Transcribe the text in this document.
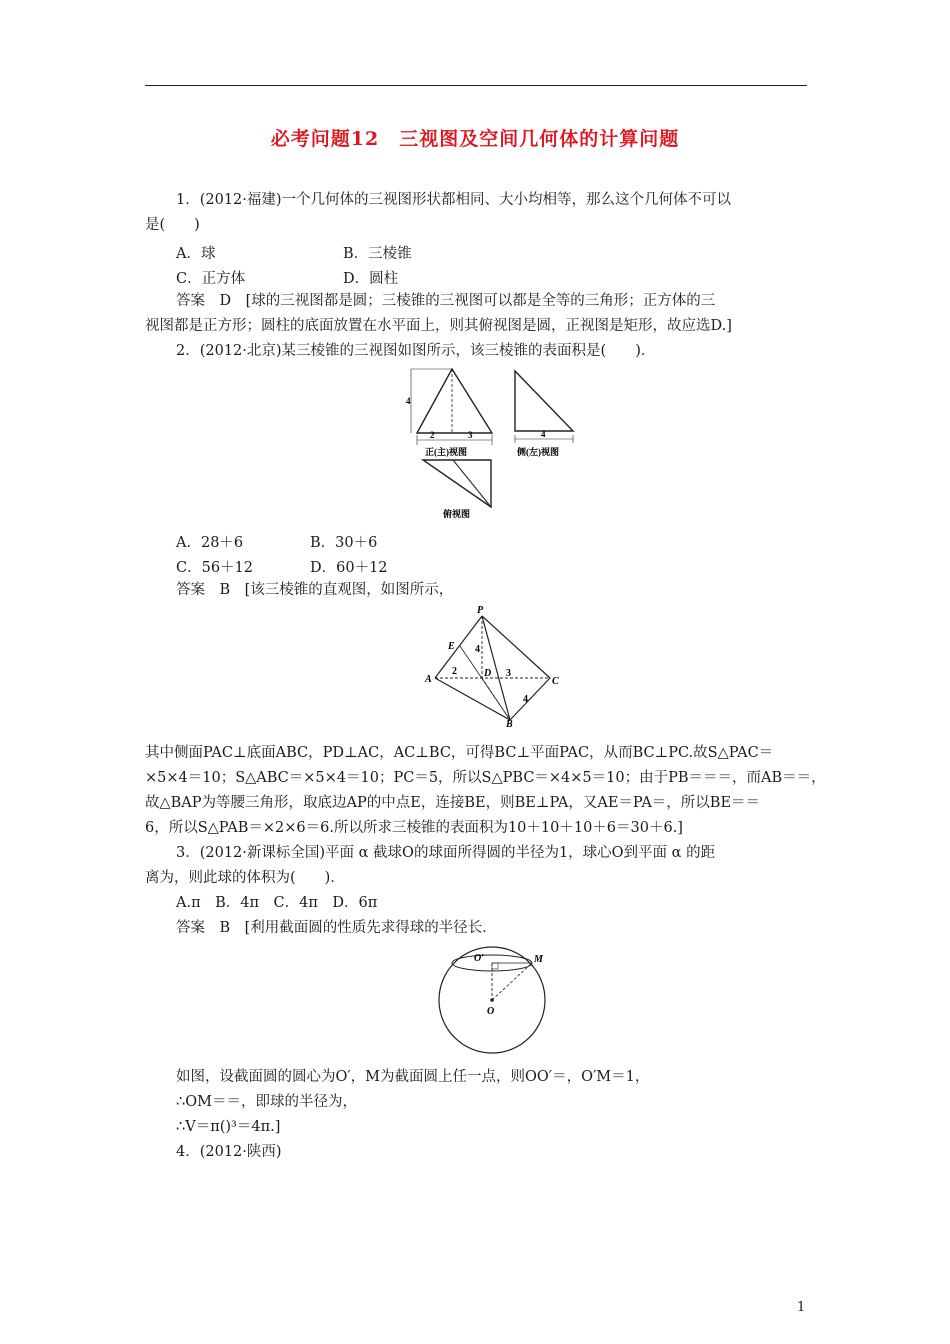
必考问题12　三视图及空间几何体的计算问题
1．(2012·福建)一个几何体的三视图形状都相同、大小均相等，那么这个几何体不可以
是(　　)
A．球	B．三棱锥
C．正方体	D．圆柱
答案　D　[球的三视图都是圆；三棱锥的三视图可以都是全等的三角形；正方体的三
视图都是正方形；圆柱的底面放置在水平面上，则其俯视图是圆，正视图是矩形，故应选D.]
2．(2012·北京)某三棱锥的三视图如图所示，该三棱锥的表面积是(　　)．
4
2	3
正(主)视图
4
侧(左)视图
俯视图
A．28＋6	B．30＋6
C．56＋12	D．60＋12
答案　B　[该三棱锥的直观图，如图所示，
P
E
A
D
C
B
4
2	3
4
其中侧面PAC⊥底面ABC，PD⊥AC，AC⊥BC，可得BC⊥平面PAC，从而BC⊥PC.故S△PAC＝
×5×4＝10；S△ABC＝×5×4＝10；PC＝5，所以S△PBC＝×4×5＝10；由于PB＝＝＝，而AB＝＝，
故△BAP为等腰三角形，取底边AP的中点E，连接BE，则BE⊥PA，又AE＝PA＝，所以BE＝＝
6，所以S△PAB＝×2×6＝6.所以所求三棱锥的表面积为10＋10＋10＋6＝30＋6.]
3．(2012·新课标全国)平面 α 截球O的球面所得圆的半径为1，球心O到平面 α 的距
离为，则此球的体积为(　　)．
A.π　B．4π　C．4π　D．6π
答案　B　[利用截面圆的性质先求得球的半径长．
O′	M
O
如图，设截面圆的圆心为O′，M为截面圆上任一点，则OO′＝，O′M＝1，
∴OM＝＝，即球的半径为，
∴V＝π()³＝4π.]
4．(2012·陕西)
1
